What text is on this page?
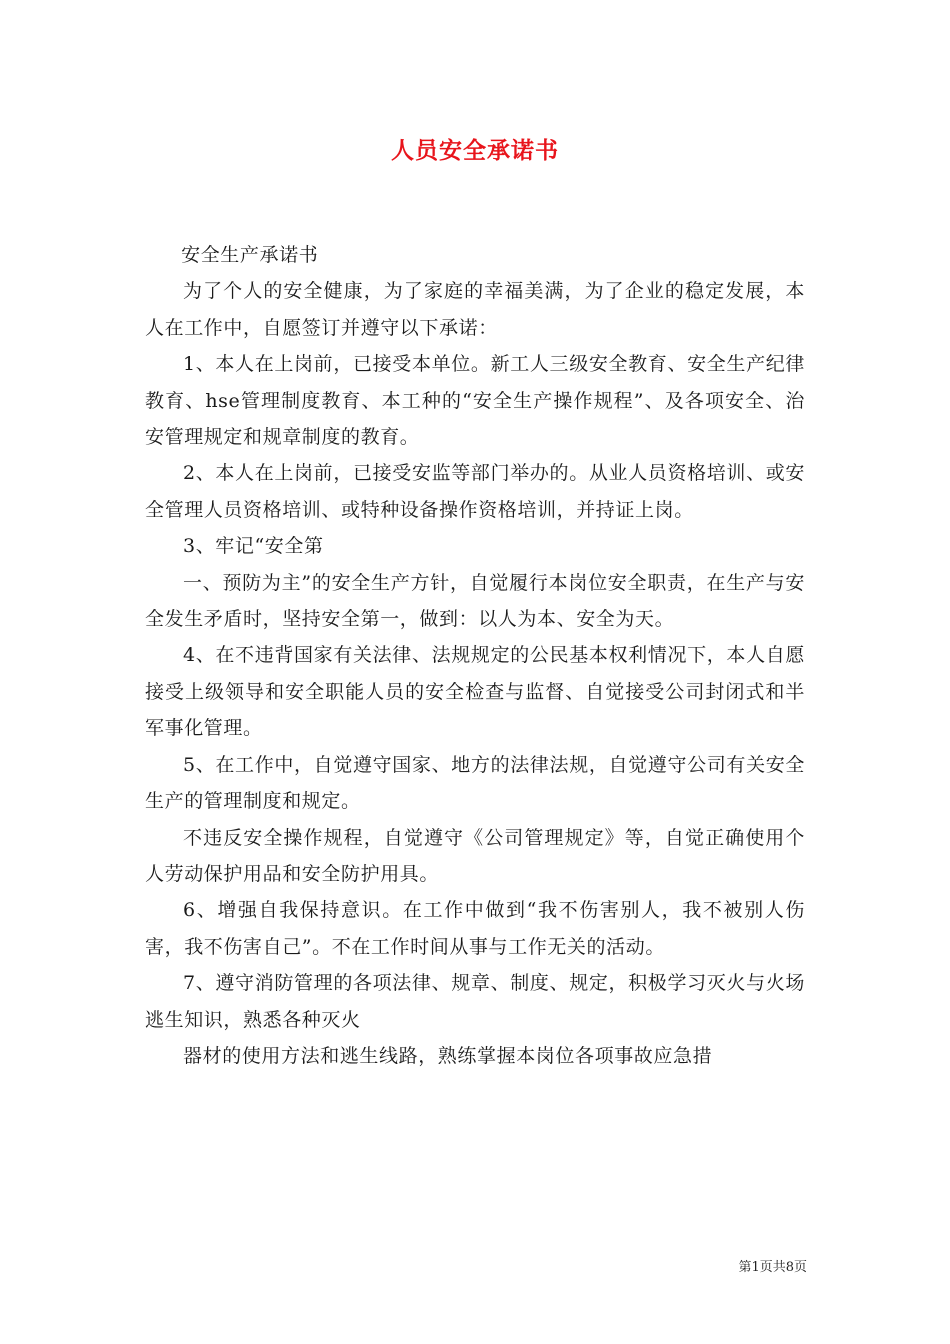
人员安全承诺书

安全生产承诺书

为了个人的安全健康，为了家庭的幸福美满，为了企业的稳定发展，本人在工作中，自愿签订并遵守以下承诺：

1、本人在上岗前，已接受本单位。新工人三级安全教育、安全生产纪律教育、hse管理制度教育、本工种的“安全生产操作规程”、及各项安全、治安管理规定和规章制度的教育。

2、本人在上岗前，已接受安监等部门举办的。从业人员资格培训、或安全管理人员资格培训、或特种设备操作资格培训，并持证上岗。

3、牢记“安全第

一、预防为主”的安全生产方针，自觉履行本岗位安全职责，在生产与安全发生矛盾时，坚持安全第一，做到：以人为本、安全为天。

4、在不违背国家有关法律、法规规定的公民基本权利情况下，本人自愿接受上级领导和安全职能人员的安全检查与监督、自觉接受公司封闭式和半军事化管理。

5、在工作中，自觉遵守国家、地方的法律法规，自觉遵守公司有关安全生产的管理制度和规定。

不违反安全操作规程，自觉遵守《公司管理规定》等，自觉正确使用个人劳动保护用品和安全防护用具。

6、增强自我保持意识。在工作中做到“我不伤害别人，我不被别人伤害，我不伤害自己”。不在工作时间从事与工作无关的活动。

7、遵守消防管理的各项法律、规章、制度、规定，积极学习灭火与火场逃生知识，熟悉各种灭火

器材的使用方法和逃生线路，熟练掌握本岗位各项事故应急措

第1页共8页
